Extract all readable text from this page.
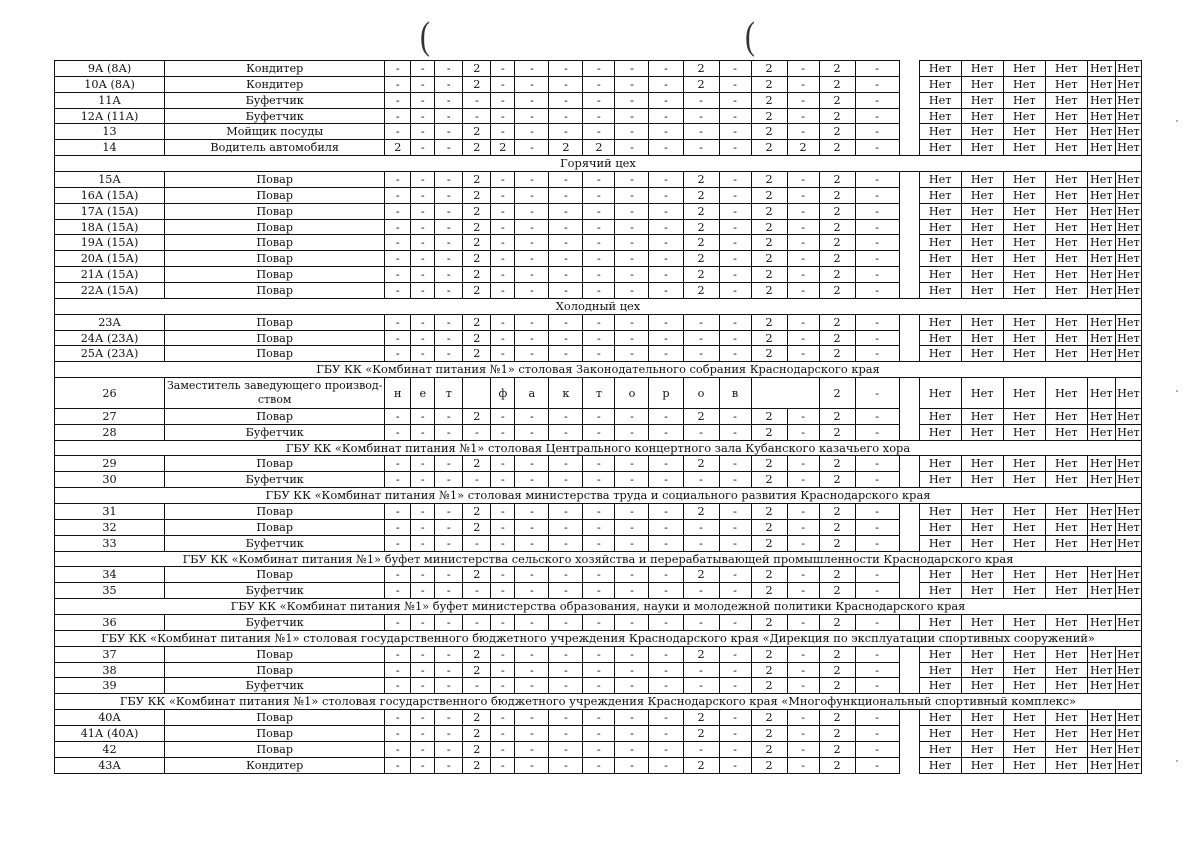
(	(
9А (8А)	Кондитер	-	-	-	2	-	-	-	-	-	-	2	-	2	-	2	-		Нет	Нет	Нет	Нет	Нет	Нет
10А (8А)	Кондитер	-	-	-	2	-	-	-	-	-	-	2	-	2	-	2	-		Нет	Нет	Нет	Нет	Нет	Нет
11А	Буфетчик	-	-	-	-	-	-	-	-	-	-	-	-	2	-	2	-		Нет	Нет	Нет	Нет	Нет	Нет
12А (11А)	Буфетчик	-	-	-	-	-	-	-	-	-	-	-	-	2	-	2	-		Нет	Нет	Нет	Нет	Нет	Нет
13	Мойщик посуды	-	-	-	2	-	-	-	-	-	-	-	-	2	-	2	-		Нет	Нет	Нет	Нет	Нет	Нет
14	Водитель автомобиля	2	-	-	2	2	-	2	2	-	-	-	-	2	2	2	-		Нет	Нет	Нет	Нет	Нет	Нет
Горячий цех																								
15А	Повар	-	-	-	2	-	-	-	-	-	-	2	-	2	-	2	-		Нет	Нет	Нет	Нет	Нет	Нет
16А (15А)	Повар	-	-	-	2	-	-	-	-	-	-	2	-	2	-	2	-		Нет	Нет	Нет	Нет	Нет	Нет
17А (15А)	Повар	-	-	-	2	-	-	-	-	-	-	2	-	2	-	2	-		Нет	Нет	Нет	Нет	Нет	Нет
18А (15А)	Повар	-	-	-	2	-	-	-	-	-	-	2	-	2	-	2	-		Нет	Нет	Нет	Нет	Нет	Нет
19А (15А)	Повар	-	-	-	2	-	-	-	-	-	-	2	-	2	-	2	-		Нет	Нет	Нет	Нет	Нет	Нет
20А (15А)	Повар	-	-	-	2	-	-	-	-	-	-	2	-	2	-	2	-		Нет	Нет	Нет	Нет	Нет	Нет
21А (15А)	Повар	-	-	-	2	-	-	-	-	-	-	2	-	2	-	2	-		Нет	Нет	Нет	Нет	Нет	Нет
22А (15А)	Повар	-	-	-	2	-	-	-	-	-	-	2	-	2	-	2	-		Нет	Нет	Нет	Нет	Нет	Нет
Холодный цех																								
23А	Повар	-	-	-	2	-	-	-	-	-	-	-	-	2	-	2	-		Нет	Нет	Нет	Нет	Нет	Нет
24А (23А)	Повар	-	-	-	2	-	-	-	-	-	-	-	-	2	-	2	-		Нет	Нет	Нет	Нет	Нет	Нет
25А (23А)	Повар	-	-	-	2	-	-	-	-	-	-	-	-	2	-	2	-		Нет	Нет	Нет	Нет	Нет	Нет
ГБУ КК «Комбинат питания №1» столовая Законодательного собрания Краснодарского края																								
26	Заместитель заведующего производ-ством	н	е	т		ф	а	к	т	о	р	о	в			2	-		Нет	Нет	Нет	Нет	Нет	Нет
27	Повар	-	-	-	2	-	-	-	-	-	-	2	-	2	-	2	-		Нет	Нет	Нет	Нет	Нет	Нет
28	Буфетчик	-	-	-	-	-	-	-	-	-	-	-	-	2	-	2	-		Нет	Нет	Нет	Нет	Нет	Нет
ГБУ КК «Комбинат питания №1» столовая Центрального концертного зала Кубанского казачьего хора																								
29	Повар	-	-	-	2	-	-	-	-	-	-	2	-	2	-	2	-		Нет	Нет	Нет	Нет	Нет	Нет
30	Буфетчик	-	-	-	-	-	-	-	-	-	-	-	-	2	-	2	-		Нет	Нет	Нет	Нет	Нет	Нет
ГБУ КК «Комбинат питания №1» столовая министерства труда и социального развития Краснодарского края																								
31	Повар	-	-	-	2	-	-	-	-	-	-	2	-	2	-	2	-		Нет	Нет	Нет	Нет	Нет	Нет
32	Повар	-	-	-	2	-	-	-	-	-	-	-	-	2	-	2	-		Нет	Нет	Нет	Нет	Нет	Нет
33	Буфетчик	-	-	-	-	-	-	-	-	-	-	-	-	2	-	2	-		Нет	Нет	Нет	Нет	Нет	Нет
ГБУ КК «Комбинат питания №1» буфет министерства сельского хозяйства и перерабатывающей промышленности Краснодарского края																								
34	Повар	-	-	-	2	-	-	-	-	-	-	2	-	2	-	2	-		Нет	Нет	Нет	Нет	Нет	Нет
35	Буфетчик	-	-	-	-	-	-	-	-	-	-	-	-	2	-	2	-		Нет	Нет	Нет	Нет	Нет	Нет
ГБУ КК «Комбинат питания №1» буфет министерства образования, науки и молодежной политики Краснодарского края																								
36	Буфетчик	-	-	-	-	-	-	-	-	-	-	-	-	2	-	2	-		Нет	Нет	Нет	Нет	Нет	Нет
ГБУ КК «Комбинат питания №1» столовая государственного бюджетного учреждения Краснодарского края «Дирекция по эксплуатации спортивных сооружений»																								
37	Повар	-	-	-	2	-	-	-	-	-	-	2	-	2	-	2	-		Нет	Нет	Нет	Нет	Нет	Нет
38	Повар	-	-	-	2	-	-	-	-	-	-	-	-	2	-	2	-		Нет	Нет	Нет	Нет	Нет	Нет
39	Буфетчик	-	-	-	-	-	-	-	-	-	-	-	-	2	-	2	-		Нет	Нет	Нет	Нет	Нет	Нет
ГБУ КК «Комбинат питания №1» столовая государственного бюджетного учреждения Краснодарского края «Многофункциональный спортивный комплекс»																								
40А	Повар	-	-	-	2	-	-	-	-	-	-	2	-	2	-	2	-		Нет	Нет	Нет	Нет	Нет	Нет
41А (40А)	Повар	-	-	-	2	-	-	-	-	-	-	2	-	2	-	2	-		Нет	Нет	Нет	Нет	Нет	Нет
42	Повар	-	-	-	2	-	-	-	-	-	-	-	-	2	-	2	-		Нет	Нет	Нет	Нет	Нет	Нет
43А	Кондитер	-	-	-	2	-	-	-	-	-	-	2	-	2	-	2	-		Нет	Нет	Нет	Нет	Нет	Нет
